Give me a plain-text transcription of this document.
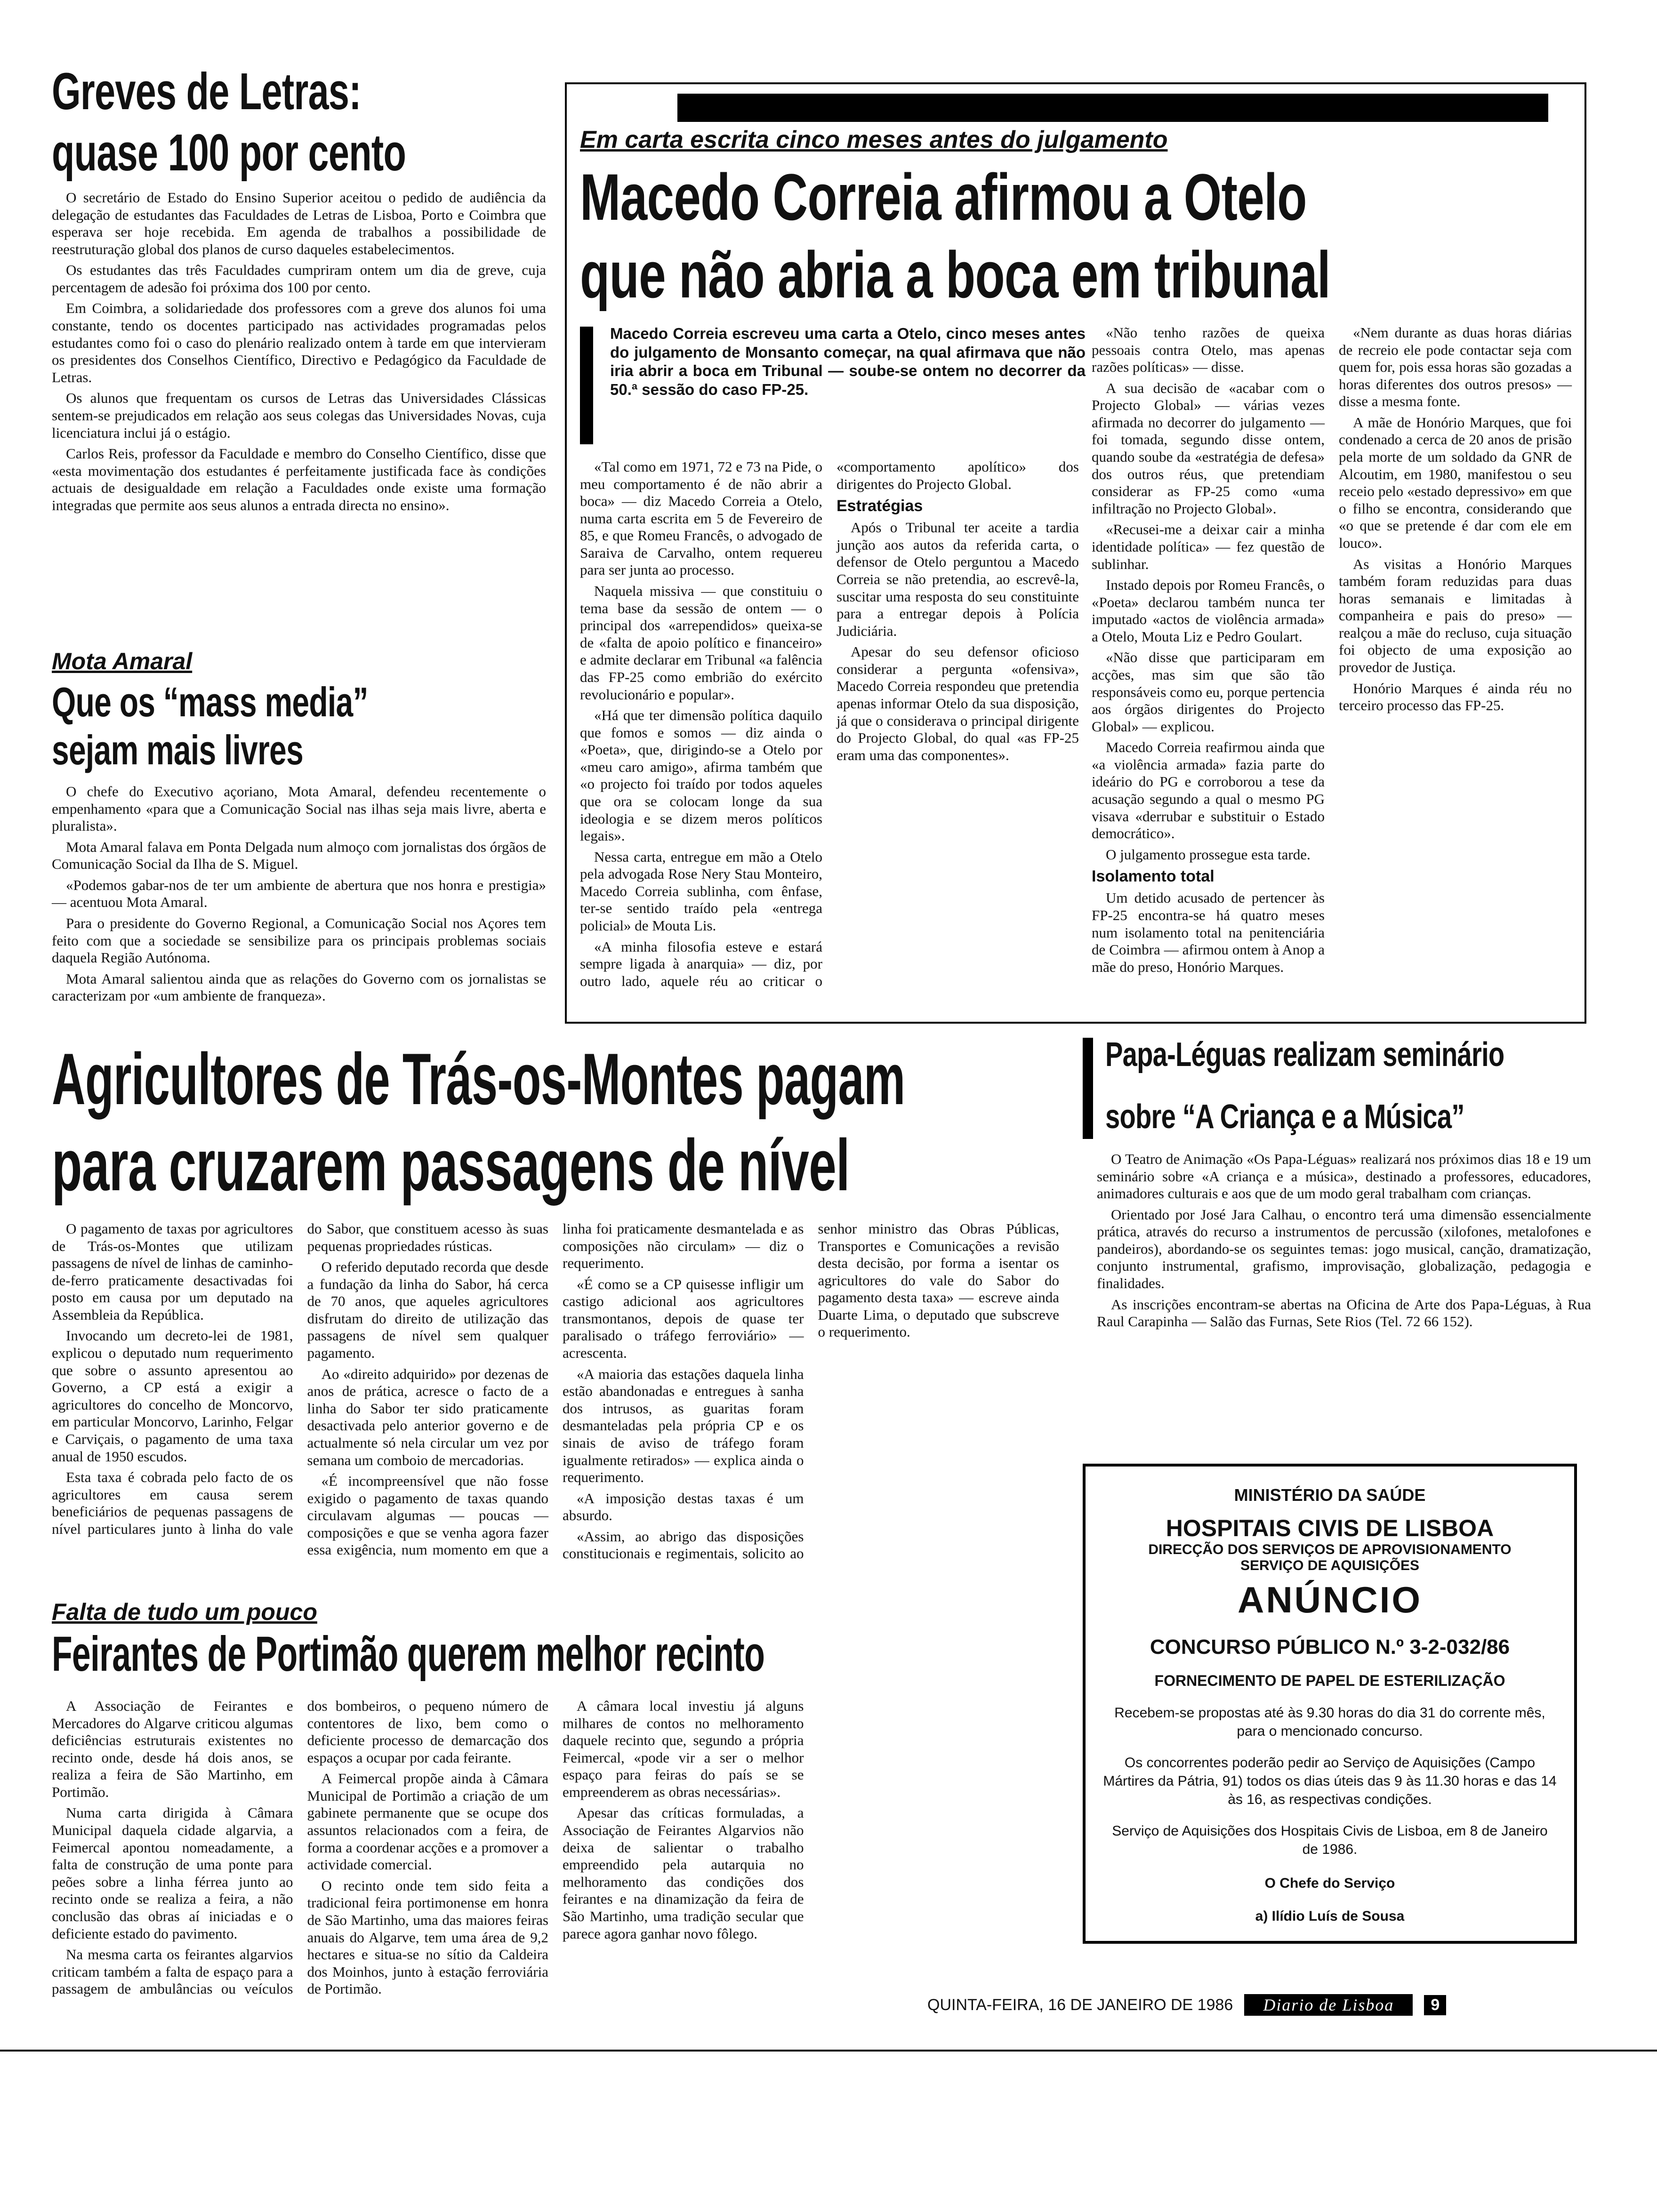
Greves de Letras:
quase 100 por cento

O secretário de Estado do Ensino Superior aceitou o pedido de audiência da delegação de estudantes das Faculdades de Letras de Lisboa, Porto e Coimbra que esperava ser hoje recebida. Em agenda de trabalhos a possibilidade de reestruturação global dos planos de curso daqueles estabelecimentos.

Os estudantes das três Faculdades cumpriram ontem um dia de greve, cuja percentagem de adesão foi próxima dos 100 por cento.

Em Coimbra, a solidariedade dos professores com a greve dos alunos foi uma constante, tendo os docentes participado nas actividades programadas pelos estudantes como foi o caso do plenário realizado ontem à tarde em que intervieram os presidentes dos Conselhos Científico, Directivo e Pedagógico da Faculdade de Letras.

Os alunos que frequentam os cursos de Letras das Universidades Clássicas sentem-se prejudicados em relação aos seus colegas das Universidades Novas, cuja licenciatura inclui já o estágio.

Carlos Reis, professor da Faculdade e membro do Conselho Científico, disse que «esta movimentação dos estudantes é perfeitamente justificada face às condições actuais de desigualdade em relação a Faculdades onde existe uma formação integradas que permite aos seus alunos a entrada directa no ensino».

Mota Amaral
Que os “mass media”
sejam mais livres

O chefe do Executivo açoriano, Mota Amaral, defendeu recentemente o empenhamento «para que a Comunicação Social nas ilhas seja mais livre, aberta e pluralista».

Mota Amaral falava em Ponta Delgada num almoço com jornalistas dos órgãos de Comunicação Social da Ilha de S. Miguel.

«Podemos gabar-nos de ter um ambiente de abertura que nos honra e prestigia» — acentuou Mota Amaral.

Para o presidente do Governo Regional, a Comunicação Social nos Açores tem feito com que a sociedade se sensibilize para os principais problemas sociais daquela Região Autónoma.

Mota Amaral salientou ainda que as relações do Governo com os jornalistas se caracterizam por «um ambiente de franqueza».

Em carta escrita cinco meses antes do julgamento
Macedo Correia afirmou a Otelo
que não abria a boca em tribunal

Macedo Correia escreveu uma carta a Otelo, cinco meses antes do julgamento de Monsanto começar, na qual afirmava que não iria abrir a boca em Tribunal — soube-se ontem no decorrer da 50.ª sessão do caso FP-25.

«Tal como em 1971, 72 e 73 na Pide, o meu comportamento é de não abrir a boca» — diz Macedo Correia a Otelo, numa carta escrita em 5 de Fevereiro de 85, e que Romeu Francês, o advogado de Saraiva de Carvalho, ontem requereu para ser junta ao processo.

Naquela missiva — que constituiu o tema base da sessão de ontem — o principal dos «arrependidos» queixa-se de «falta de apoio político e financeiro» e admite declarar em Tribunal «a falência das FP-25 como embrião do exército revolucionário e popular».

«Há que ter dimensão política daquilo que fomos e somos — diz ainda o «Poeta», que, dirigindo-se a Otelo por «meu caro amigo», afirma também que «o projecto foi traído por todos aqueles que ora se colocam longe da sua ideologia e se dizem meros políticos legais».

Nessa carta, entregue em mão a Otelo pela advogada Rose Nery Stau Monteiro, Macedo Correia sublinha, com ênfase, ter-se sentido traído pela «entrega policial» de Mouta Lis.

«A minha filosofia esteve e estará sempre ligada à anarquia» — diz, por outro lado, aquele réu ao criticar o «comportamento apolítico» dos dirigentes do Projecto Global.

Estratégias

Após o Tribunal ter aceite a tardia junção aos autos da referida carta, o defensor de Otelo perguntou a Macedo Correia se não pretendia, ao escrevê-la, suscitar uma resposta do seu constituinte para a entregar depois à Polícia Judiciária.

Apesar do seu defensor oficioso considerar a pergunta «ofensiva», Macedo Correia respondeu que pretendia apenas informar Otelo da sua disposição, já que o considerava o principal dirigente do Projecto Global, do qual «as FP-25 eram uma das componentes».

«Não tenho razões de queixa pessoais contra Otelo, mas apenas razões políticas» — disse.

A sua decisão de «acabar com o Projecto Global» — várias vezes afirmada no decorrer do julgamento — foi tomada, segundo disse ontem, quando soube da «estratégia de defesa» dos outros réus, que pretendiam considerar as FP-25 como «uma infiltração no Projecto Global».

«Recusei-me a deixar cair a minha identidade política» — fez questão de sublinhar.

Instado depois por Romeu Francês, o «Poeta» declarou também nunca ter imputado «actos de violência armada» a Otelo, Mouta Liz e Pedro Goulart.

«Não disse que participaram em acções, mas sim que são tão responsáveis como eu, porque pertencia aos órgãos dirigentes do Projecto Global» — explicou.

Macedo Correia reafirmou ainda que «a violência armada» fazia parte do ideário do PG e corroborou a tese da acusação segundo a qual o mesmo PG visava «derrubar e substituir o Estado democrático».

O julgamento prossegue esta tarde.

Isolamento total

Um detido acusado de pertencer às FP-25 encontra-se há quatro meses num isolamento total na penitenciária de Coimbra — afirmou ontem à Anop a mãe do preso, Honório Marques.

«Nem durante as duas horas diárias de recreio ele pode contactar seja com quem for, pois essa horas são gozadas a horas diferentes dos outros presos» — disse a mesma fonte.

A mãe de Honório Marques, que foi condenado a cerca de 20 anos de prisão pela morte de um soldado da GNR de Alcoutim, em 1980, manifestou o seu receio pelo «estado depressivo» em que o filho se encontra, considerando que «o que se pretende é dar com ele em louco».

As visitas a Honório Marques também foram reduzidas para duas horas semanais e limitadas à companheira e pais do preso» — realçou a mãe do recluso, cuja situação foi objecto de uma exposição ao provedor de Justiça.

Honório Marques é ainda réu no terceiro processo das FP-25.

Agricultores de Trás-os-Montes pagam
para cruzarem passagens de nível

O pagamento de taxas por agricultores de Trás-os-Montes que utilizam passagens de nível de linhas de caminho-de-ferro praticamente desactivadas foi posto em causa por um deputado na Assembleia da República.

Invocando um decreto-lei de 1981, explicou o deputado num requerimento que sobre o assunto apresentou ao Governo, a CP está a exigir a agricultores do concelho de Moncorvo, em particular Moncorvo, Larinho, Felgar e Carviçais, o pagamento de uma taxa anual de 1950 escudos.

Esta taxa é cobrada pelo facto de os agricultores em causa serem beneficiários de pequenas passagens de nível particulares junto à linha do vale do Sabor, que constituem acesso às suas pequenas propriedades rústicas.

O referido deputado recorda que desde a fundação da linha do Sabor, há cerca de 70 anos, que aqueles agricultores disfrutam do direito de utilização das passagens de nível sem qualquer pagamento.

Ao «direito adquirido» por dezenas de anos de prática, acresce o facto de a linha do Sabor ter sido praticamente desactivada pelo anterior governo e de actualmente só nela circular um vez por semana um comboio de mercadorias.

«É incompreensível que não fosse exigido o pagamento de taxas quando circulavam algumas — poucas — composições e que se venha agora fazer essa exigência, num momento em que a linha foi praticamente desmantelada e as composições não circulam» — diz o requerimento.

«É como se a CP quisesse infligir um castigo adicional aos agricultores transmontanos, depois de quase ter paralisado o tráfego ferroviário» — acrescenta.

«A maioria das estações daquela linha estão abandonadas e entregues à sanha dos intrusos, as guaritas foram desmanteladas pela própria CP e os sinais de aviso de tráfego foram igualmente retirados» — explica ainda o requerimento.

«A imposição destas taxas é um absurdo.

«Assim, ao abrigo das disposições constitucionais e regimentais, solicito ao senhor ministro das Obras Públicas, Transportes e Comunicações a revisão desta decisão, por forma a isentar os agricultores do vale do Sabor do pagamento desta taxa» — escreve ainda Duarte Lima, o deputado que subscreve o requerimento.

Papa-Léguas realizam seminário
sobre “A Criança e a Música”

O Teatro de Animação «Os Papa-Léguas» realizará nos próximos dias 18 e 19 um seminário sobre «A criança e a música», destinado a professores, educadores, animadores culturais e aos que de um modo geral trabalham com crianças.

Orientado por José Jara Calhau, o encontro terá uma dimensão essencialmente prática, através do recurso a instrumentos de percussão (xilofones, metalofones e pandeiros), abordando-se os seguintes temas: jogo musical, canção, dramatização, conjunto instrumental, grafismo, improvisação, globalização, pedagogia e finalidades.

As inscrições encontram-se abertas na Oficina de Arte dos Papa-Léguas, à Rua Raul Carapinha — Salão das Furnas, Sete Rios (Tel. 72 66 152).

MINISTÉRIO DA SAÚDE

HOSPITAIS CIVIS DE LISBOA

DIRECÇÃO DOS SERVIÇOS DE APROVISIONAMENTO

SERVIÇO DE AQUISIÇÕES

ANÚNCIO

CONCURSO PÚBLICO N.º 3-2-032/86

FORNECIMENTO DE PAPEL DE ESTERILIZAÇÃO

Recebem-se propostas até às 9.30 horas do dia 31 do corrente mês, para o mencionado concurso.

Os concorrentes poderão pedir ao Serviço de Aquisições (Campo Mártires da Pátria, 91) todos os dias úteis das 9 às 11.30 horas e das 14 às 16, as respectivas condições.

Serviço de Aquisições dos Hospitais Civis de Lisboa, em 8 de Janeiro de 1986.

O Chefe do Serviço

a) Ilídio Luís de Sousa

Falta de tudo um pouco
Feirantes de Portimão querem melhor recinto

A Associação de Feirantes e Mercadores do Algarve criticou algumas deficiências estruturais existentes no recinto onde, desde há dois anos, se realiza a feira de São Martinho, em Portimão.

Numa carta dirigida à Câmara Municipal daquela cidade algarvia, a Feimercal apontou nomeadamente, a falta de construção de uma ponte para peões sobre a linha férrea junto ao recinto onde se realiza a feira, a não conclusão das obras aí iniciadas e o deficiente estado do pavimento.

Na mesma carta os feirantes algarvios criticam também a falta de espaço para a passagem de ambulâncias ou veículos dos bombeiros, o pequeno número de contentores de lixo, bem como o deficiente processo de demarcação dos espaços a ocupar por cada feirante.

A Feimercal propõe ainda à Câmara Municipal de Portimão a criação de um gabinete permanente que se ocupe dos assuntos relacionados com a feira, de forma a coordenar acções e a promover a actividade comercial.

O recinto onde tem sido feita a tradicional feira portimonense em honra de São Martinho, uma das maiores feiras anuais do Algarve, tem uma área de 9,2 hectares e situa-se no sítio da Caldeira dos Moinhos, junto à estação ferroviária de Portimão.

A câmara local investiu já alguns milhares de contos no melhoramento daquele recinto que, segundo a própria Feimercal, «pode vir a ser o melhor espaço para feiras do país se se empreenderem as obras necessárias».

Apesar das críticas formuladas, a Associação de Feirantes Algarvios não deixa de salientar o trabalho empreendido pela autarquia no melhoramento das condições dos feirantes e na dinamização da feira de São Martinho, uma tradição secular que parece agora ganhar novo fôlego.

QUINTA-FEIRA, 16 DE JANEIRO DE 1986	Diario de Lisboa	9
